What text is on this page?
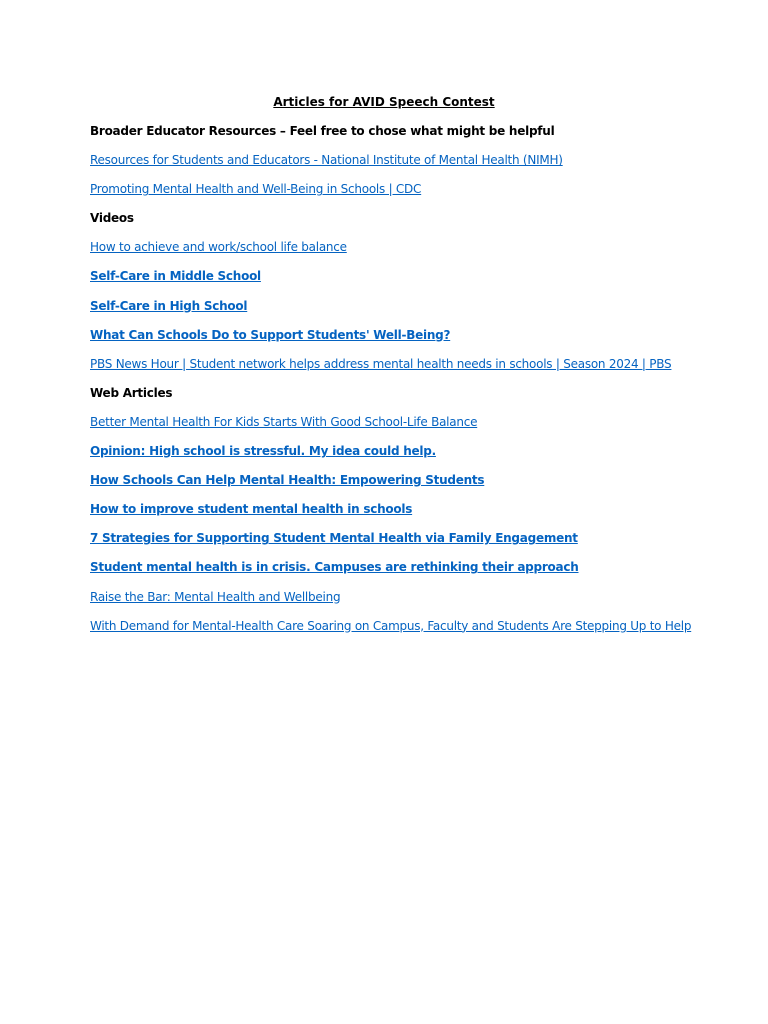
Articles for AVID Speech Contest

Broader Educator Resources – Feel free to chose what might be helpful
Resources for Students and Educators - National Institute of Mental Health (NIMH)
Promoting Mental Health and Well-Being in Schools | CDC
Videos
How to achieve and work/school life balance
Self-Care in Middle School
Self-Care in High School
What Can Schools Do to Support Students' Well-Being?
PBS News Hour | Student network helps address mental health needs in schools | Season 2024 | PBS
Web Articles
Better Mental Health For Kids Starts With Good School-Life Balance
Opinion: High school is stressful. My idea could help.
How Schools Can Help Mental Health: Empowering Students
How to improve student mental health in schools
7 Strategies for Supporting Student Mental Health via Family Engagement
Student mental health is in crisis. Campuses are rethinking their approach
Raise the Bar: Mental Health and Wellbeing
With Demand for Mental-Health Care Soaring on Campus, Faculty and Students Are Stepping Up to Help
